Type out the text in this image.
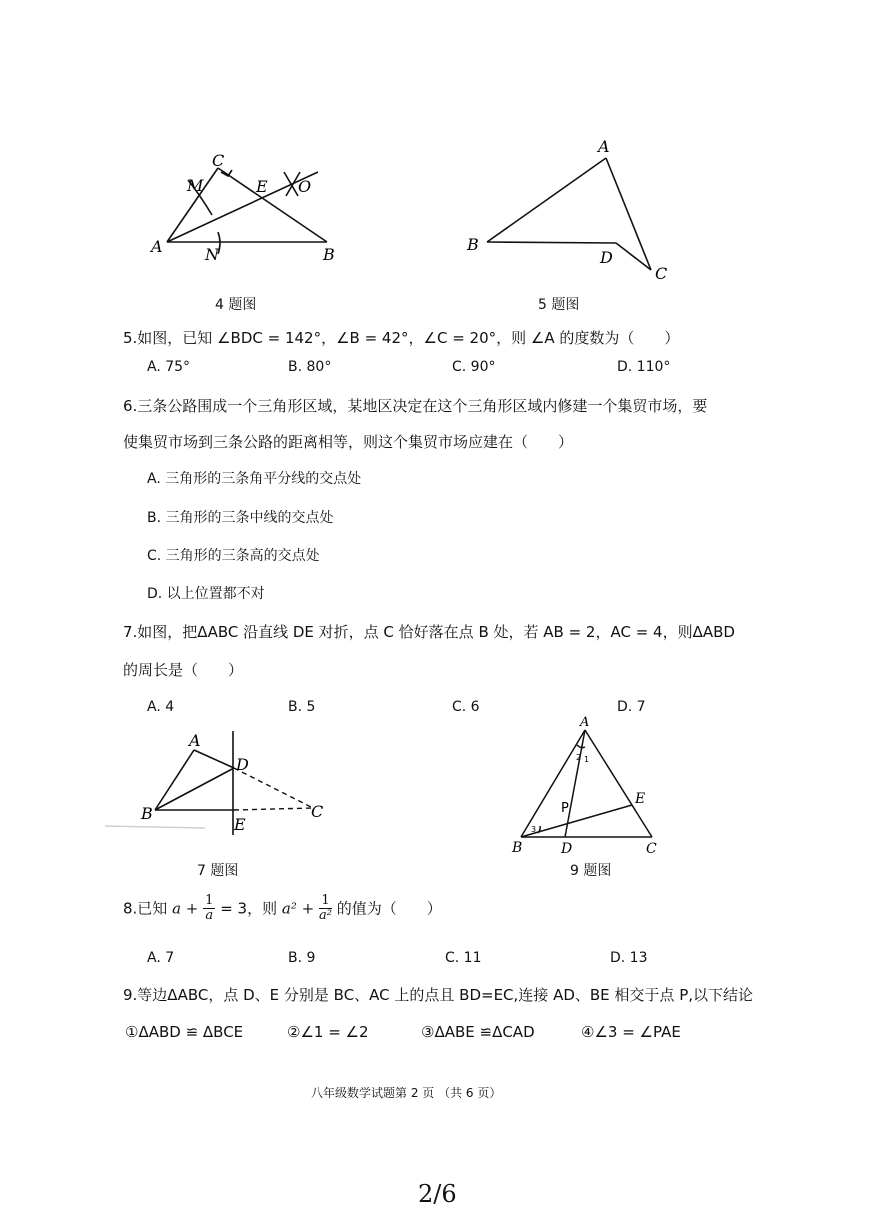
C
M	E O
A	N	B
A
B
D
C
A
D
B
E
C
A
2 1
P
E
3
B	D	C
4 题图	5 题图
5.如图，已知 ∠BDC = 142°，∠B = 42°，∠C = 20°，则 ∠A 的度数为（　　）
A. 75°	B. 80°	C. 90°	D. 110°
6.三条公路围成一个三角形区域，某地区决定在这个三角形区域内修建一个集贸市场，要
使集贸市场到三条公路的距离相等，则这个集贸市场应建在（　　）
A. 三角形的三条角平分线的交点处
B. 三角形的三条中线的交点处
C. 三角形的三条高的交点处
D. 以上位置都不对
7.如图，把ΔABC 沿直线 DE 对折，点 C 恰好落在点 B 处，若 AB = 2，AC = 4，则ΔABD
的周长是（　　）
A. 4	B. 5	C. 6	D. 7
7 题图	9 题图
8.已知 $a + \frac{1}{a} = 3$，则 $a^2 + \frac{1}{\text{a²}}$ 的值为（　　）
A. 7	B. 9	C. 11	D. 13
9.等边ΔABC，点 D、E 分别是 BC、AC 上的点且 BD=EC,连接 AD、BE 相交于点 P,以下结论
①ΔABD ≌ ΔBCE	②∠1 = ∠2	③ΔABE ≌ΔCAD	④∠3 = ∠PAE
八年级数学试题第 2 页 （共 6 页）
2/6
